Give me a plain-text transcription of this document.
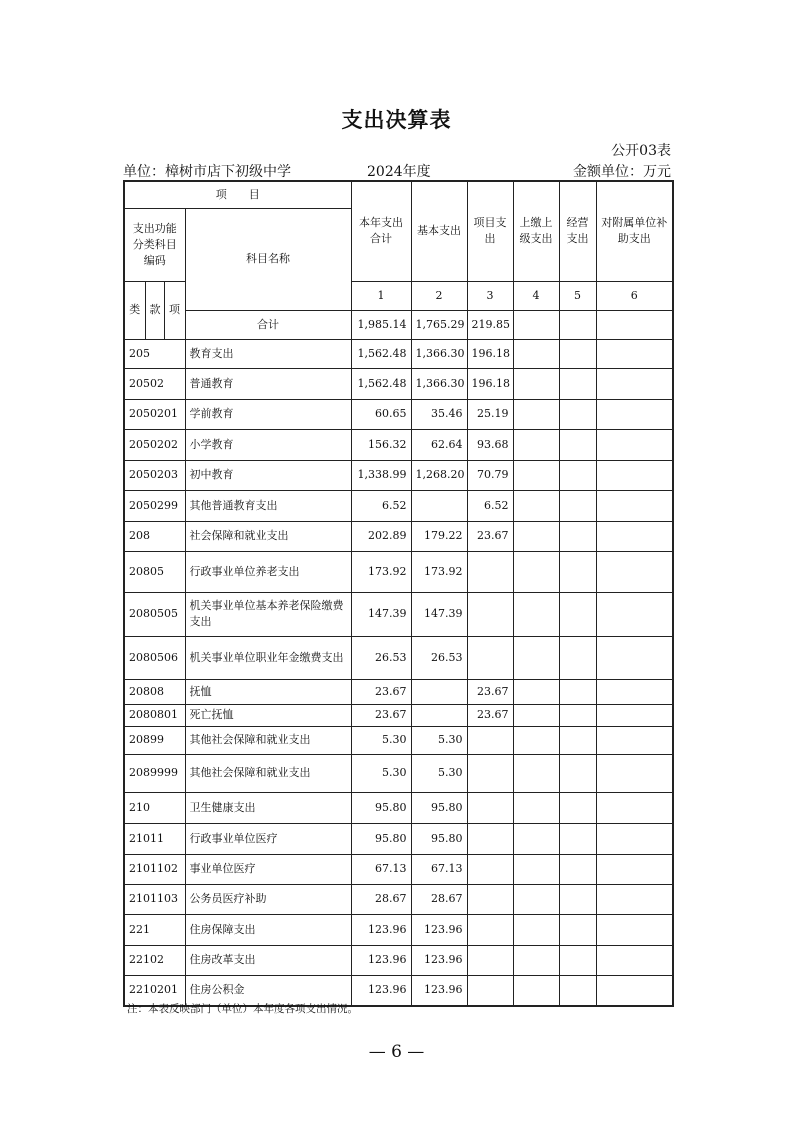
支出决算表
公开03表
单位：樟树市店下初级中学	2024年度	金额单位：万元
项　　目				本年支出合计	基本支出	项目支出	上缴上级支出	经营支出	对附属单位补助支出
支出功能分类科目编码			科目名称						
类	款	项		1	2	3	4	5	6
			合计	1,985.14	1,765.29	219.85			
205			教育支出	1,562.48	1,366.30	196.18			
20502			普通教育	1,562.48	1,366.30	196.18			
2050201			学前教育	60.65	35.46	25.19			
2050202			小学教育	156.32	62.64	93.68			
2050203			初中教育	1,338.99	1,268.20	70.79			
2050299			其他普通教育支出	6.52		6.52			
208			社会保障和就业支出	202.89	179.22	23.67			
20805			行政事业单位养老支出	173.92	173.92				
2080505			机关事业单位基本养老保险缴费支出	147.39	147.39				
2080506			机关事业单位职业年金缴费支出	26.53	26.53				
20808			抚恤	23.67		23.67			
2080801			死亡抚恤	23.67		23.67			
20899			其他社会保障和就业支出	5.30	5.30				
2089999			其他社会保障和就业支出	5.30	5.30				
210			卫生健康支出	95.80	95.80				
21011			行政事业单位医疗	95.80	95.80				
2101102			事业单位医疗	67.13	67.13				
2101103			公务员医疗补助	28.67	28.67				
221			住房保障支出	123.96	123.96				
22102			住房改革支出	123.96	123.96				
2210201			住房公积金	123.96	123.96				
注：本表反映部门（单位）本年度各项支出情况。
— 6 —
